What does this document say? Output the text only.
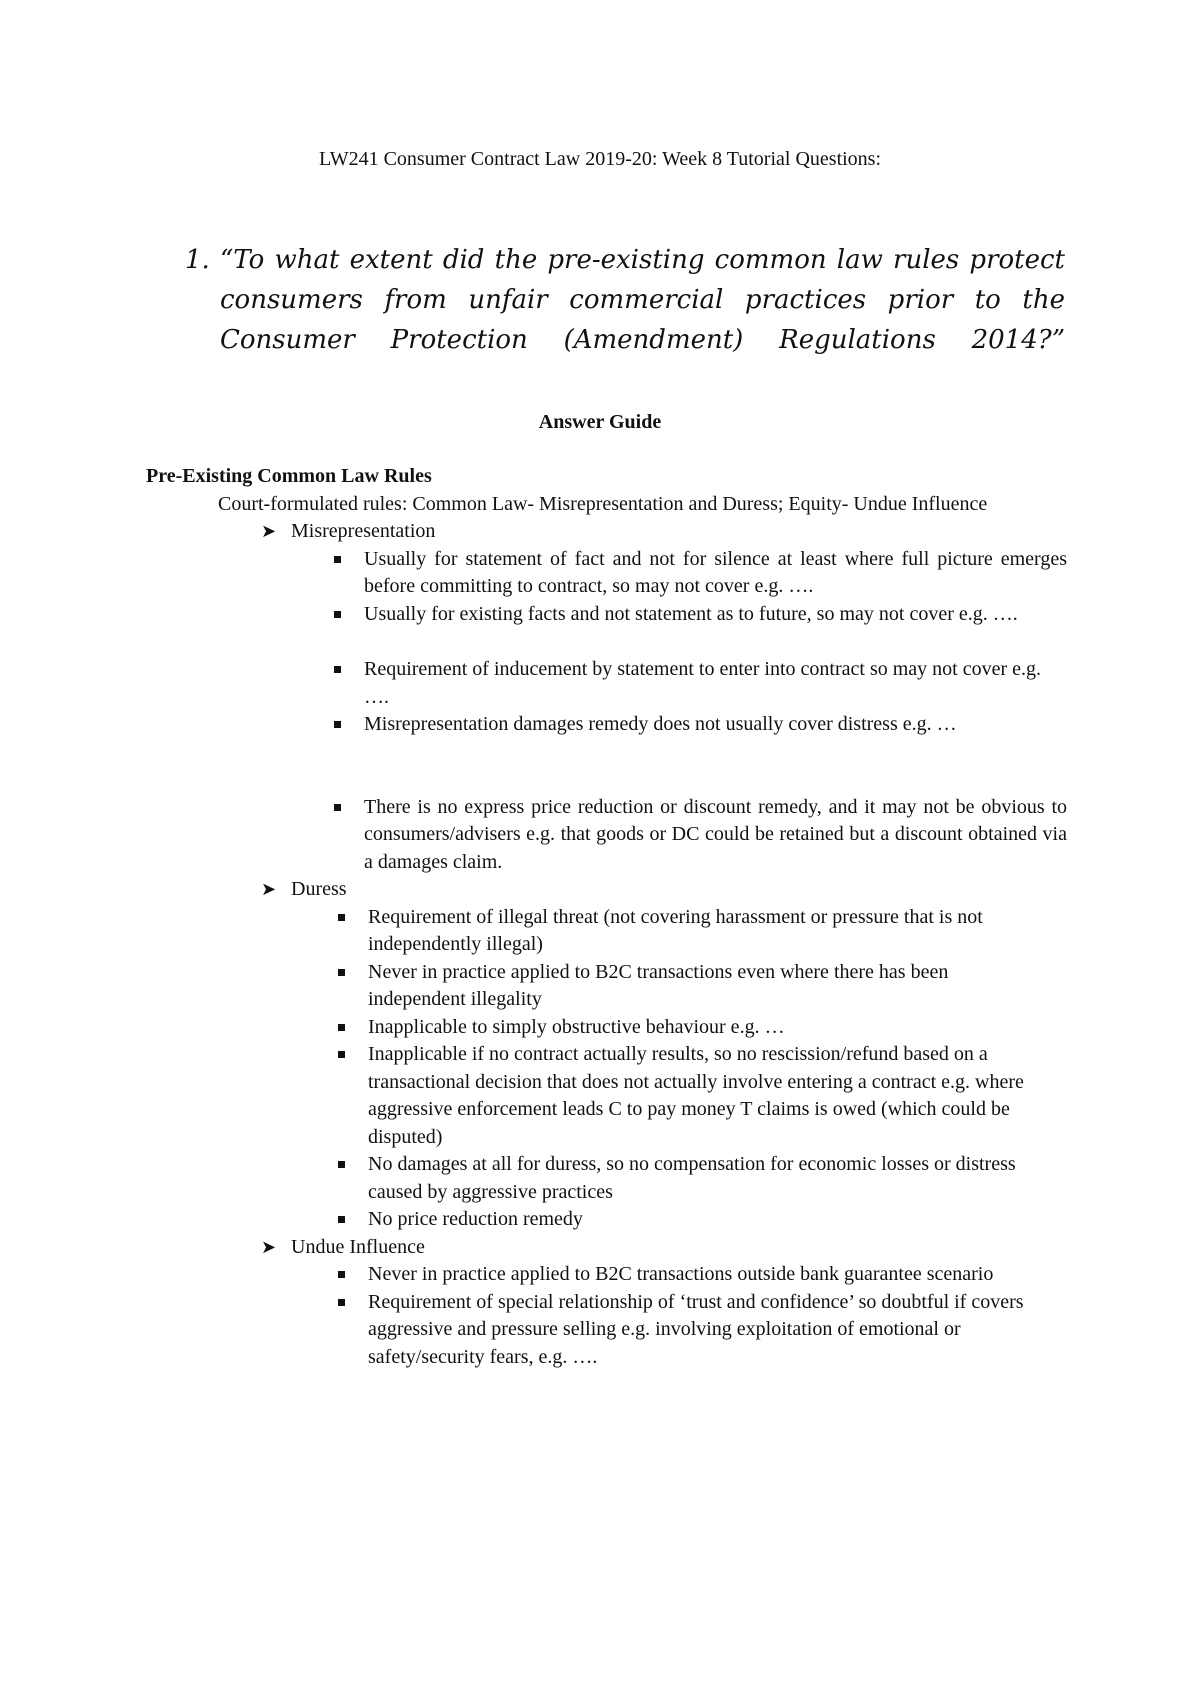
LW241 Consumer Contract Law 2019-20: Week 8 Tutorial Questions:
1. “To what extent did the pre-existing common law rules protect
consumers from unfair commercial practices prior to the
Consumer Protection (Amendment) Regulations 2014?”
Answer Guide
Pre-Existing Common Law Rules
Court-formulated rules: Common Law- Misrepresentation and Duress; Equity- Undue Influence
➤ Misrepresentation
Usually for statement of fact and not for silence at least where full picture emerges before committing to contract, so may not cover e.g. ….
Usually for existing facts and not statement as to future, so may not cover e.g. ….
Requirement of inducement by statement to enter into contract so may not cover e.g. ….
Misrepresentation damages remedy does not usually cover distress e.g. …
There is no express price reduction or discount remedy, and it may not be obvious to consumers/advisers e.g. that goods or DC could be retained but a discount obtained via a damages claim.
➤ Duress
Requirement of illegal threat (not covering harassment or pressure that is not independently illegal)
Never in practice applied to B2C transactions even where there has been independent illegality
Inapplicable to simply obstructive behaviour e.g. …
Inapplicable if no contract actually results, so no rescission/refund based on a transactional decision that does not actually involve entering a contract e.g. where aggressive enforcement leads C to pay money T claims is owed (which could be disputed)
No damages at all for duress, so no compensation for economic losses or distress caused by aggressive practices
No price reduction remedy
➤ Undue Influence
Never in practice applied to B2C transactions outside bank guarantee scenario
Requirement of special relationship of ‘trust and confidence’ so doubtful if covers aggressive and pressure selling e.g. involving exploitation of emotional or safety/security fears, e.g. ….
